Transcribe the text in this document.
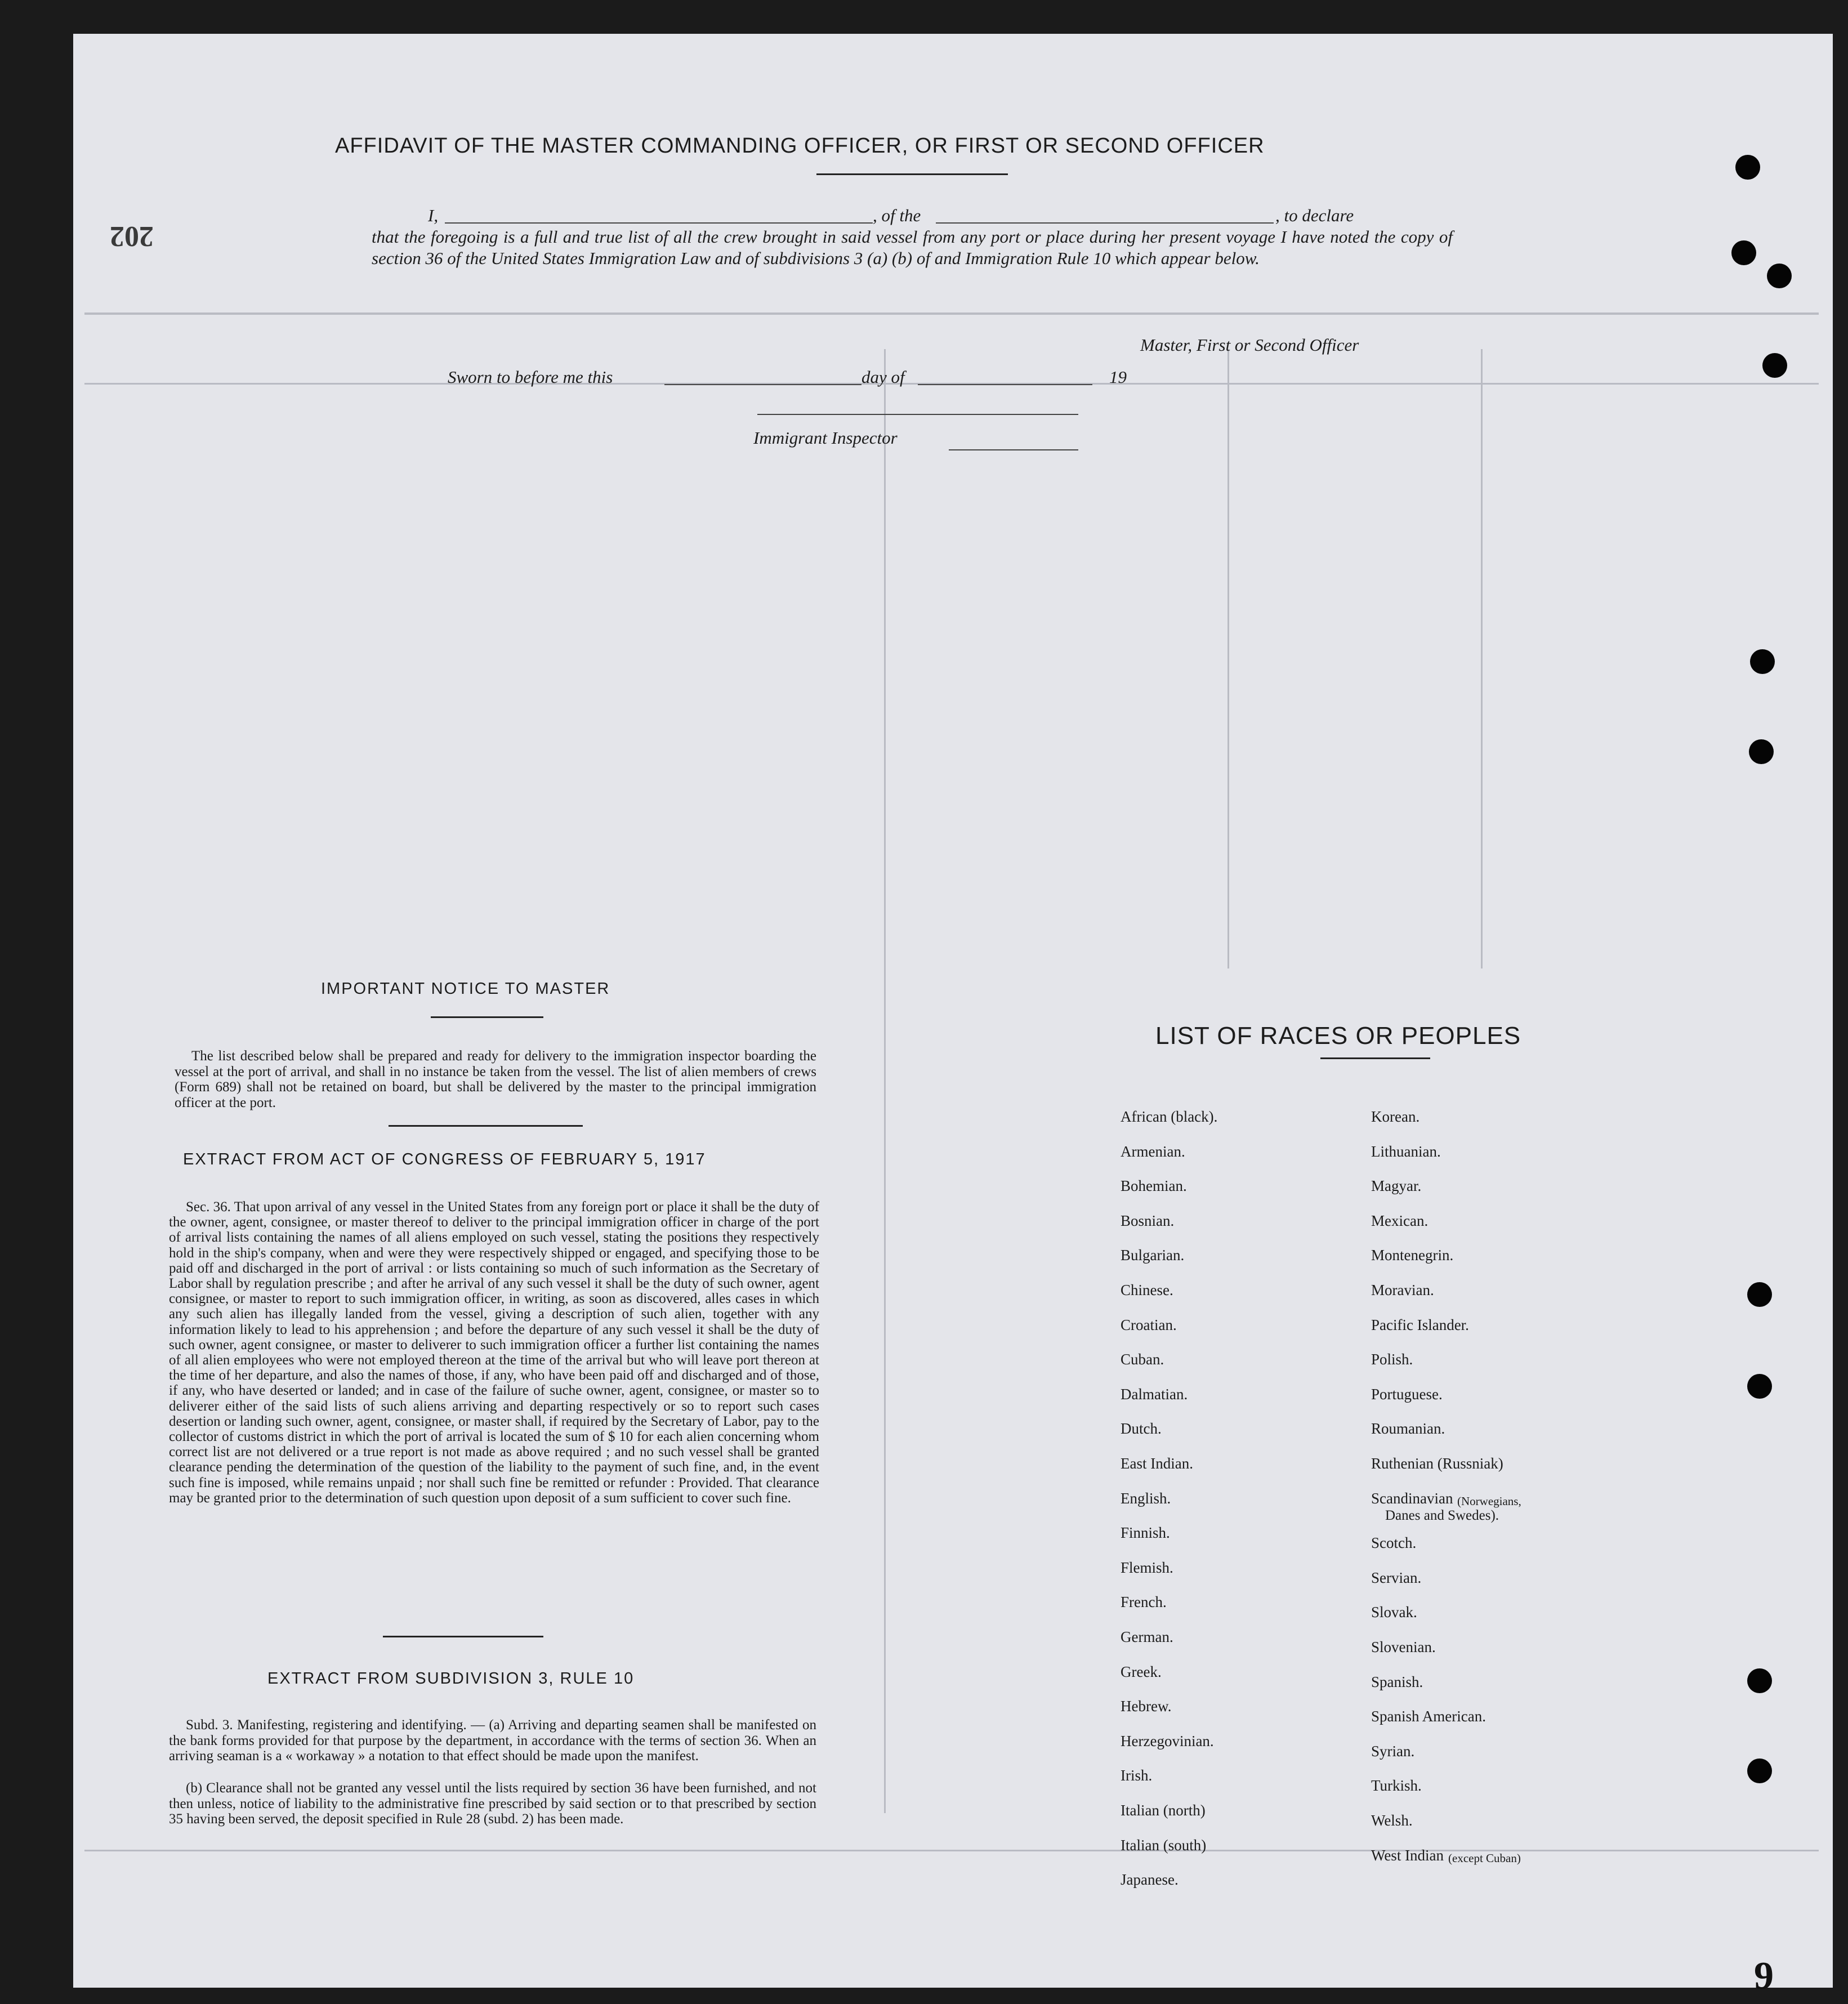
202
AFFIDAVIT OF THE MASTER COMMANDING OFFICER, OR FIRST OR SECOND OFFICER
I,	, of the	, to declare
that the foregoing is a full and true list of all the crew brought in said vessel from any port or place during her present voyage I have noted the copy of section 36 of the United States Immigration Law and of subdivisions 3 (a) (b) of and Immigration Rule 10 which appear below.
Master, First or Second Officer
Sworn to before me this	day of	19
Immigrant Inspector
IMPORTANT NOTICE TO MASTER
The list described below shall be prepared and ready for delivery to the immigration inspector boarding the vessel at the port of arrival, and shall in no instance be taken from the vessel. The list of alien members of crews (Form 689) shall not be retained on board, but shall be delivered by the master to the principal immigration officer at the port.
EXTRACT FROM ACT OF CONGRESS OF FEBRUARY 5, 1917
Sec. 36. That upon arrival of any vessel in the United States from any foreign port or place it shall be the duty of the owner, agent, consignee, or master thereof to deliver to the principal immigration officer in charge of the port of arrival lists containing the names of all aliens employed on such vessel, stating the positions they respectively hold in the ship's company, when and were they were respectively shipped or engaged, and specifying those to be paid off and discharged in the port of arrival : or lists containing so much of such information as the Secretary of Labor shall by regulation prescribe ; and after he arrival of any such vessel it shall be the duty of such owner, agent consignee, or master to report to such immigration officer, in writing, as soon as discovered, alles cases in which any such alien has illegally landed from the vessel, giving a description of such alien, together with any information likely to lead to his apprehension ; and before the departure of any such vessel it shall be the duty of such owner, agent consignee, or master to deliverer to such immigration officer a further list containing the names of all alien employees who were not employed thereon at the time of the arrival but who will leave port thereon at the time of her departure, and also the names of those, if any, who have been paid off and discharged and of those, if any, who have deserted or landed; and in case of the failure of suche owner, agent, consignee, or master so to deliverer either of the said lists of such aliens arriving and departing respectively or so to report such cases desertion or landing such owner, agent, consignee, or master shall, if required by the Secretary of Labor, pay to the collector of customs district in which the port of arrival is located the sum of $ 10 for each alien concerning whom correct list are not delivered or a true report is not made as above required ; and no such vessel shall be granted clearance pending the determination of the question of the liability to the payment of such fine, and, in the event such fine is imposed, while remains unpaid ; nor shall such fine be remitted or refunder : Provided. That clearance may be granted prior to the determination of such question upon deposit of a sum sufficient to cover such fine.
EXTRACT FROM SUBDIVISION 3, RULE 10
Subd. 3. Manifesting, registering and identifying. — (a) Arriving and departing seamen shall be manifested on the bank forms provided for that purpose by the department, in accordance with the terms of section 36. When an arriving seaman is a « workaway » a notation to that effect should be made upon the manifest.
(b) Clearance shall not be granted any vessel until the lists required by section 36 have been furnished, and not then unless, notice of liability to the administrative fine prescribed by said section or to that prescribed by section 35 having been served, the deposit specified in Rule 28 (subd. 2) has been made.
LIST OF RACES OR PEOPLES
(Norwegians,
Danes and Swedes).
(except Cuban)
9
African (black).
Armenian.
Bohemian.
Bosnian.
Bulgarian.
Chinese.
Croatian.
Cuban.
Dalmatian.
Dutch.
East Indian.
English.
Finnish.
Flemish.
French.
German.
Greek.
Hebrew.
Herzegovinian.
Irish.
Italian (north)
Italian (south)
Japanese.
Korean.
Lithuanian.
Magyar.
Mexican.
Montenegrin.
Moravian.
Pacific Islander.
Polish.
Portuguese.
Roumanian.
Ruthenian (Russniak)
Scandinavian
Scotch.
Servian.
Slovak.
Slovenian.
Spanish.
Spanish American.
Syrian.
Turkish.
Welsh.
West Indian
